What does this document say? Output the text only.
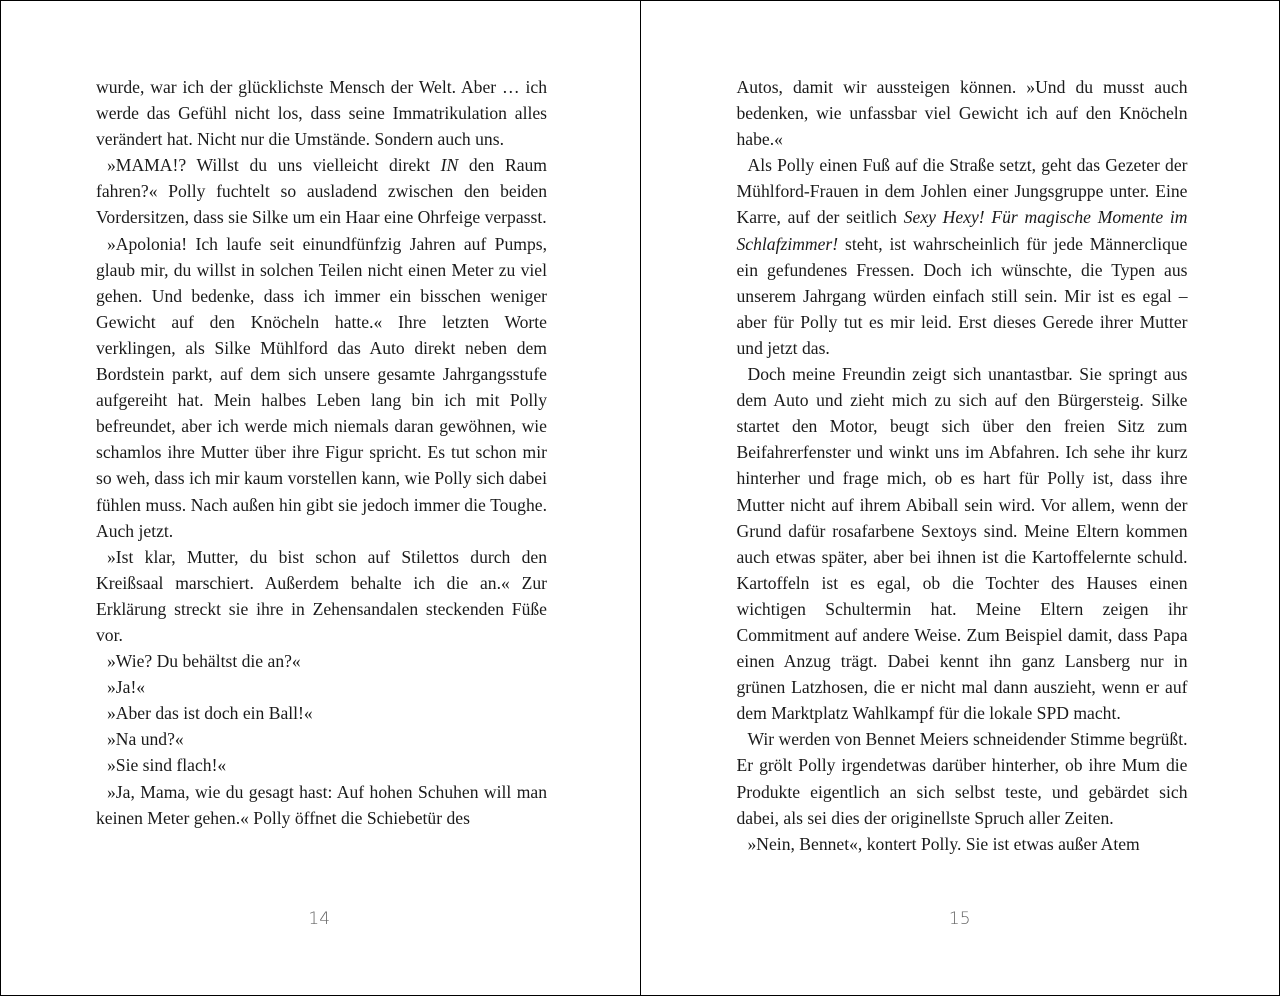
wurde, war ich der glücklichste Mensch der Welt. Aber … ich werde das Gefühl nicht los, dass seine Immatrikulation alles verändert hat. Nicht nur die Umstände. Sondern auch uns.

»MAMA!? Willst du uns vielleicht direkt IN den Raum fahren?« Polly fuchtelt so ausladend zwischen den beiden Vordersitzen, dass sie Silke um ein Haar eine Ohrfeige verpasst.

»Apolonia! Ich laufe seit einundfünfzig Jahren auf Pumps, glaub mir, du willst in solchen Teilen nicht einen Meter zu viel gehen. Und bedenke, dass ich immer ein bisschen weniger Gewicht auf den Knöcheln hatte.« Ihre letzten Worte verklingen, als Silke Mühlford das Auto direkt neben dem Bordstein parkt, auf dem sich unsere gesamte Jahrgangsstufe aufgereiht hat. Mein halbes Leben lang bin ich mit Polly befreundet, aber ich werde mich niemals daran gewöhnen, wie schamlos ihre Mutter über ihre Figur spricht. Es tut schon mir so weh, dass ich mir kaum vorstellen kann, wie Polly sich dabei fühlen muss. Nach außen hin gibt sie jedoch immer die Toughe. Auch jetzt.

»Ist klar, Mutter, du bist schon auf Stilettos durch den Kreißsaal marschiert. Außerdem behalte ich die an.« Zur Erklärung streckt sie ihre in Zehensandalen steckenden Füße vor.

»Wie? Du behältst die an?«

»Ja!«

»Aber das ist doch ein Ball!«

»Na und?«

»Sie sind flach!«

»Ja, Mama, wie du gesagt hast: Auf hohen Schuhen will man keinen Meter gehen.« Polly öffnet die Schiebetür des

14

Autos, damit wir aussteigen können. »Und du musst auch bedenken, wie unfassbar viel Gewicht ich auf den Knöcheln habe.«

Als Polly einen Fuß auf die Straße setzt, geht das Gezeter der Mühlford-Frauen in dem Johlen einer Jungsgruppe unter. Eine Karre, auf der seitlich Sexy Hexy! Für magische Momente im Schlafzimmer! steht, ist wahrscheinlich für jede Männerclique ein gefundenes Fressen. Doch ich wünschte, die Typen aus unserem Jahrgang würden einfach still sein. Mir ist es egal – aber für Polly tut es mir leid. Erst dieses Gerede ihrer Mutter und jetzt das.

Doch meine Freundin zeigt sich unantastbar. Sie springt aus dem Auto und zieht mich zu sich auf den Bürgersteig. Silke startet den Motor, beugt sich über den freien Sitz zum Beifahrerfenster und winkt uns im Abfahren. Ich sehe ihr kurz hinterher und frage mich, ob es hart für Polly ist, dass ihre Mutter nicht auf ihrem Abiball sein wird. Vor allem, wenn der Grund dafür rosafarbene Sextoys sind. Meine Eltern kommen auch etwas später, aber bei ihnen ist die Kartoffelernte schuld. Kartoffeln ist es egal, ob die Tochter des Hauses einen wichtigen Schultermin hat. Meine Eltern zeigen ihr Commitment auf andere Weise. Zum Beispiel damit, dass Papa einen Anzug trägt. Dabei kennt ihn ganz Lansberg nur in grünen Latzhosen, die er nicht mal dann auszieht, wenn er auf dem Marktplatz Wahlkampf für die lokale SPD macht.

Wir werden von Bennet Meiers schneidender Stimme begrüßt. Er grölt Polly irgendetwas darüber hinterher, ob ihre Mum die Produkte eigentlich an sich selbst teste, und gebärdet sich dabei, als sei dies der originellste Spruch aller Zeiten.

»Nein, Bennet«, kontert Polly. Sie ist etwas außer Atem

15
